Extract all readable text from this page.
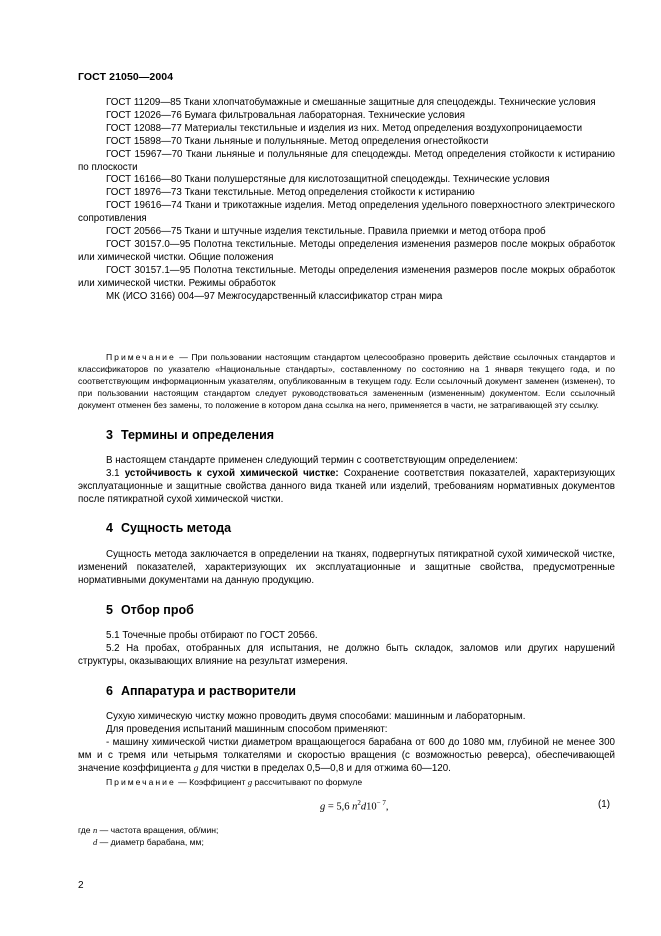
ГОСТ 21050—2004
ГОСТ 11209—85 Ткани хлопчатобумажные и смешанные защитные для спецодежды. Технические условия
ГОСТ 12026—76 Бумага фильтровальная лабораторная. Технические условия
ГОСТ 12088—77 Материалы текстильные и изделия из них. Метод определения воздухопроницаемости
ГОСТ 15898—70 Ткани льняные и полульняные. Метод определения огнестойкости
ГОСТ 15967—70 Ткани льняные и полульняные для спецодежды. Метод определения стойкости к истиранию по плоскости
ГОСТ 16166—80 Ткани полушерстяные для кислотозащитной спецодежды. Технические условия
ГОСТ 18976—73 Ткани текстильные. Метод определения стойкости к истиранию
ГОСТ 19616—74 Ткани и трикотажные изделия. Метод определения удельного поверхностного электрического сопротивления
ГОСТ 20566—75 Ткани и штучные изделия текстильные. Правила приемки и метод отбора проб
ГОСТ 30157.0—95 Полотна текстильные. Методы определения изменения размеров после мокрых обработок или химической чистки. Общие положения
ГОСТ 30157.1—95 Полотна текстильные. Методы определения изменения размеров после мокрых обработок или химической чистки. Режимы обработок
МК (ИСО 3166) 004—97 Межгосударственный классификатор стран мира
Примечание — При пользовании настоящим стандартом целесообразно проверить действие ссылочных стандартов и классификаторов по указателю «Национальные стандарты», составленному по состоянию на 1 января текущего года, и по соответствующим информационным указателям, опубликованным в текущем году. Если ссылочный документ заменен (изменен), то при пользовании настоящим стандартом следует руководствоваться замененным (измененным) документом. Если ссылочный документ отменен без замены, то положение в котором дана ссылка на него, применяется в части, не затрагивающей эту ссылку.
3 Термины и определения
В настоящем стандарте применен следующий термин с соответствующим определением:
3.1 устойчивость к сухой химической чистке: Сохранение соответствия показателей, характеризующих эксплуатационные и защитные свойства данного вида тканей или изделий, требованиям нормативных документов после пятикратной сухой химической чистки.
4 Сущность метода
Сущность метода заключается в определении на тканях, подвергнутых пятикратной сухой химической чистке, изменений показателей, характеризующих их эксплуатационные и защитные свойства, предусмотренные нормативными документами на данную продукцию.
5 Отбор проб
5.1 Точечные пробы отбирают по ГОСТ 20566.
5.2 На пробах, отобранных для испытания, не должно быть складок, заломов или других нарушений структуры, оказывающих влияние на результат измерения.
6 Аппаратура и растворители
Сухую химическую чистку можно проводить двумя способами: машинным и лабораторным.
Для проведения испытаний машинным способом применяют:
- машину химической чистки диаметром вращающегося барабана от 600 до 1080 мм, глубиной не менее 300 мм и с тремя или четырьмя толкателями и скоростью вращения (с возможностью реверса), обеспечивающей значение коэффициента g для чистки в пределах 0,5—0,8 и для отжима 60—120.
Примечание — Коэффициент g рассчитывают по формуле
g = 5,6 $n^2d10^{- 7}$,	(1)
где n — частота вращения, об/мин;
d — диаметр барабана, мм;
2
